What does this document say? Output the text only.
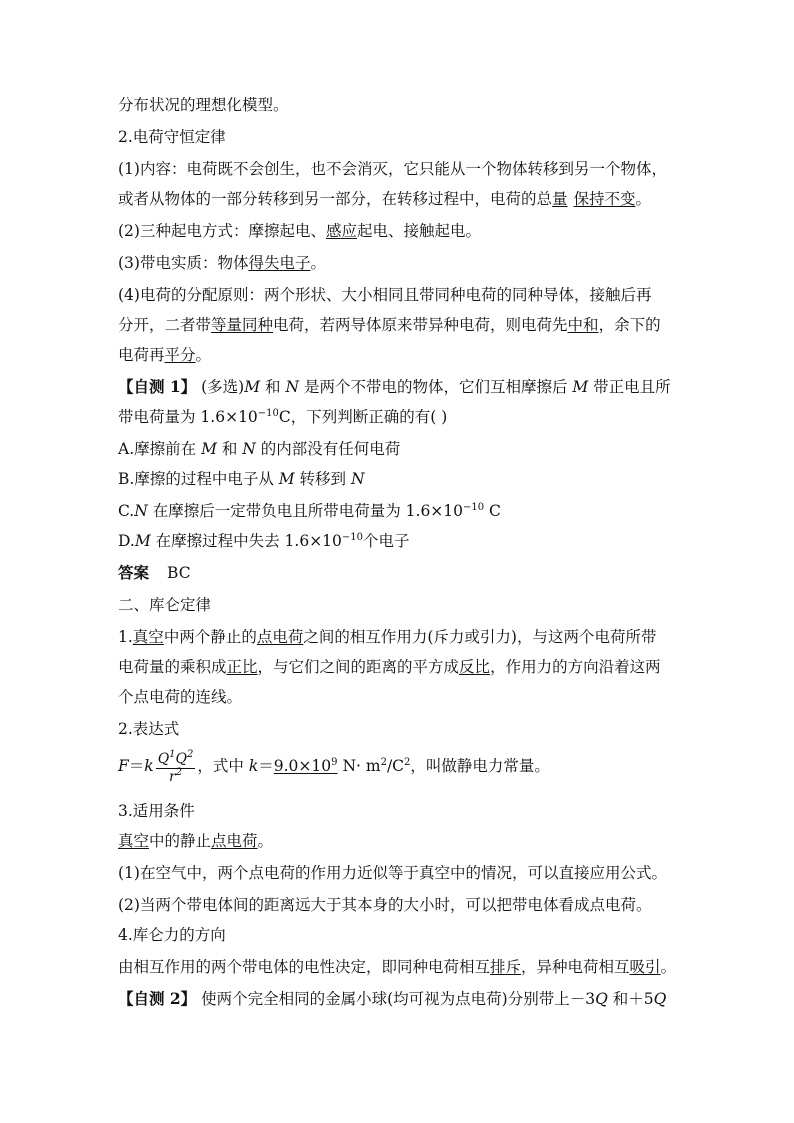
分布状况的理想化模型。
2.电荷守恒定律
(1)内容：电荷既不会创生，也不会消灭，它只能从一个物体转移到另一个物体，
或者从物体的一部分转移到另一部分，在转移过程中，电荷的总量 保持不变。
(2)三种起电方式：摩擦起电、感应起电、接触起电。
(3)带电实质：物体得失电子。
(4)电荷的分配原则：两个形状、大小相同且带同种电荷的同种导体，接触后再
分开，二者带等量同种电荷，若两导体原来带异种电荷，则电荷先中和，余下的
电荷再平分。
【自测 1】 (多选)M 和 N 是两个不带电的物体，它们互相摩擦后 M 带正电且所
带电荷量为 $1.6\times 10^{-10}C$，下列判断正确的有( )
A.摩擦前在 M 和 N 的内部没有任何电荷
B.摩擦的过程中电子从 M 转移到 N
C.N 在摩擦后一定带负电且所带电荷量为 $1.6\times 10^{-10}$ C
D.M 在摩擦过程中失去 $1.6\times 10^{-10}$个电子
答案 BC
二、库仑定律
1.真空中两个静止的点电荷之间的相互作用力(斥力或引力)，与这两个电荷所带
电荷量的乘积成正比，与它们之间的距离的平方成反比，作用力的方向沿着这两
个点电荷的连线。
2.表达式
$F=k \frac{Q^1Q^2}{r^2}$ ，式中 $k=9.0\times 10^9$ $N\cdot m^2/C^2$，叫做静电力常量。
3.适用条件
真空中的静止点电荷。
(1)在空气中，两个点电荷的作用力近似等于真空中的情况，可以直接应用公式。
(2)当两个带电体间的距离远大于其本身的大小时，可以把带电体看成点电荷。
4.库仑力的方向
由相互作用的两个带电体的电性决定，即同种电荷相互排斥，异种电荷相互吸引。
【自测 2】 使两个完全相同的金属小球(均可视为点电荷)分别带上－3Q 和＋5Q
